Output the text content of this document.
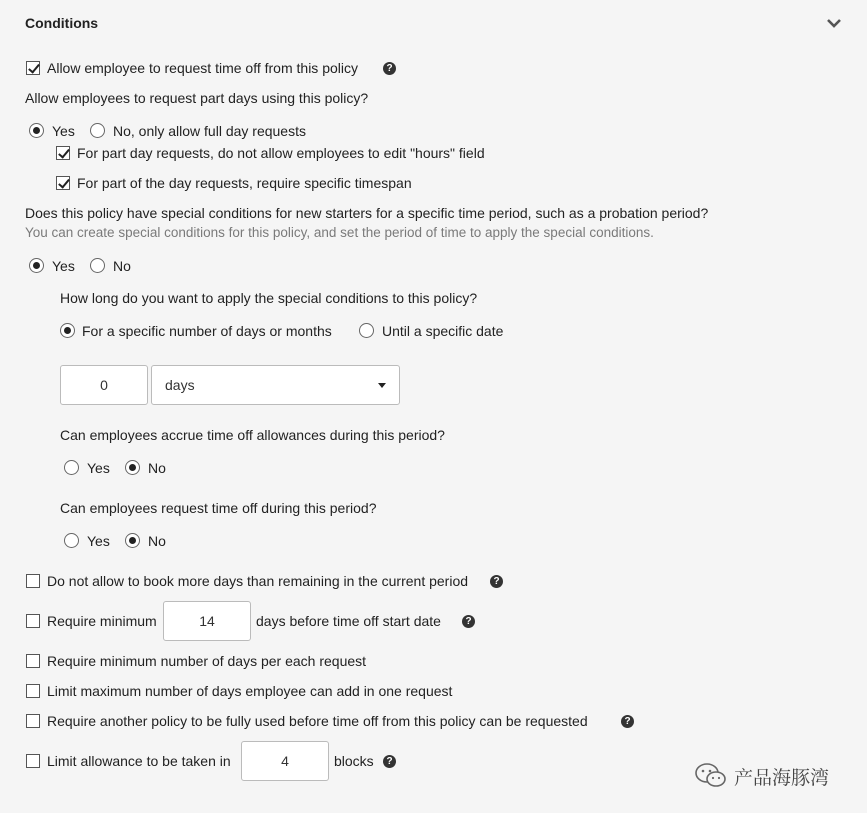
Conditions
Allow employee to request time off from this policy	?
Allow employees to request part days using this policy?
Yes	No, only allow full day requests
For part day requests, do not allow employees to edit "hours" field
For part of the day requests, require specific timespan
Does this policy have special conditions for new starters for a specific time period, such as a probation period?
You can create special conditions for this policy, and set the period of time to apply the special conditions.
Yes	No
How long do you want to apply the special conditions to this policy?
For a specific number of days or months	Until a specific date
0	days
Can employees accrue time off allowances during this period?
Yes	No
Can employees request time off during this period?
Yes	No
Do not allow to book more days than remaining in the current period	?
Require minimum	14	days before time off start date	?
Require minimum number of days per each request
Limit maximum number of days employee can add in one request
Require another policy to be fully used before time off from this policy can be requested	?
Limit allowance to be taken in	4	blocks	?
产品海豚湾
